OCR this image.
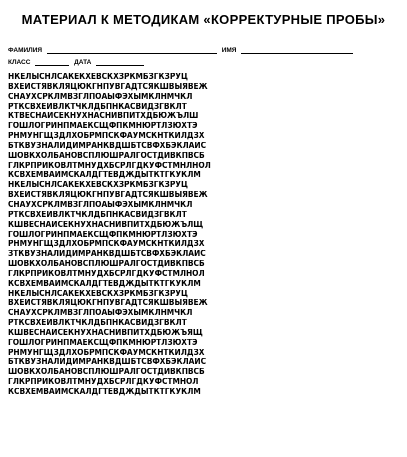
МАТЕРИАЛ К МЕТОДИКАМ «КОРРЕКТУРНЫЕ ПРОБЫ»
ФАМИЛИЯ	ИМЯ
КЛАСС	ДАТА
НКЕЛЫСНЛСАКЕКХЕВСКХЗРКМБЗГКЗРУЦ
ВХЕИСТЯВКЛЯЦЮКГНПУВГАДТСЯКШВЫЯВЕЖ
СНАУХСРКЛМВЗГЛПОАЫФЭХЫМКЛНМЧКЛ
РТКСВХЕИВЛКТЧКЛДБПНКАСВИДЗГВКЛТ
КТВЕСНАИСЕКНУХНАСНИВПИТХДБЮЖЪЛШ
ГОШЛОГРИНПМАЕКСЩФПКМНЮРТЛЗЮХТЭ
РНМУНГЩЗДЛХОБРМПСКФАУМСКНТКИЛДЗХ
БТКВУЗНАЛИДИМРАНКВДШБТСВФХБЭКЛАИС
ШОВКХОЛБАНОВСПЛЮШРАЛГОСТДИВКПВСБ
ГЛКРПРИКОВЛТМНУДХБСРЛГДКУФСТМНЛНОЛ
КСВХЕМВАИМСКАЛДГТЕВДЖДЫТКТГКУКЛМ
НКЕЛЫСНЛСАКЕКХЕВСКХЗРКМБЗГКЗРУЦ
ВХЕИСТЯВКЛЯЦЮКГНПУВГАДТСЯКШВЫЯВЕЖ
СНАУХСРКЛМВЗГЛПОАЫФЭХЫМКЛНМЧКЛ
РТКСВХЕИВЛКТЧКЛДБПНКАСВИДЗГВКЛТ
КШВЕСНАИСЕКНУХНАСНИВПИТХДБЮЖЪЛЩ
ГОШЛОГРИНПМАЕКСЩФПКМНЮРТЛЗЮХТЭ
РНМУНГЩЗДЛХОБРМПСКФАУМСКНТКИЛДЗХ
ЗТКВУЗНАЛИДИМРАНКВДШБТСВФХБЭКЛАИС
ШОВКХОЛБАНОВСПЛЮШРАЛГОСТДИВКПВСБ
ГЛКРПРИКОВЛТМНУДХБСРЛГДКУФСТМЛНОЛ
КСВХЕМВАИМСКАЛДГТЕВДЖДЫТКТГКУКЛМ
НКЕЛЫСНЛСАКЕКХЕВСКХЗРКМБЗГКЗРУЦ
ВХЕИСТЯВКЛЯЦЮКГНПУВГАДТСЯКШВЫЯВЕЖ
СНАУХСРКЛМВЗГЛПОАЫФЭХЫМКЛНМЧКЛ
РТКСВХЕИВЛКТЧКЛДБПНКАСВИДЗГВКЛТ
КШВЕСНАИСЕКНУХНАСНИВПИТХДБЮЖЪЯЩ
ГОШЛОГРИНПМАЕКСЩФПКМНЮРТЛЗЮХТЭ
РНМУНГЩЗДЛХОБРМПСКФАУМСКНТКИЛДЗХ
БТКВУЗНАЛИДИМРАНКВДШБТСВФХБЭКЛАИС
ШОВКХОЛБАНОВСПЛЮШРАЛГОСТДИВКПВСБ
ГЛКРПРИКОВЛТМНУДХБСРЛГДКУФСТМНОЛ
КСВХЕМВАИМСКАЛДГТЕВДЖДЫТКТГКУКЛМ
